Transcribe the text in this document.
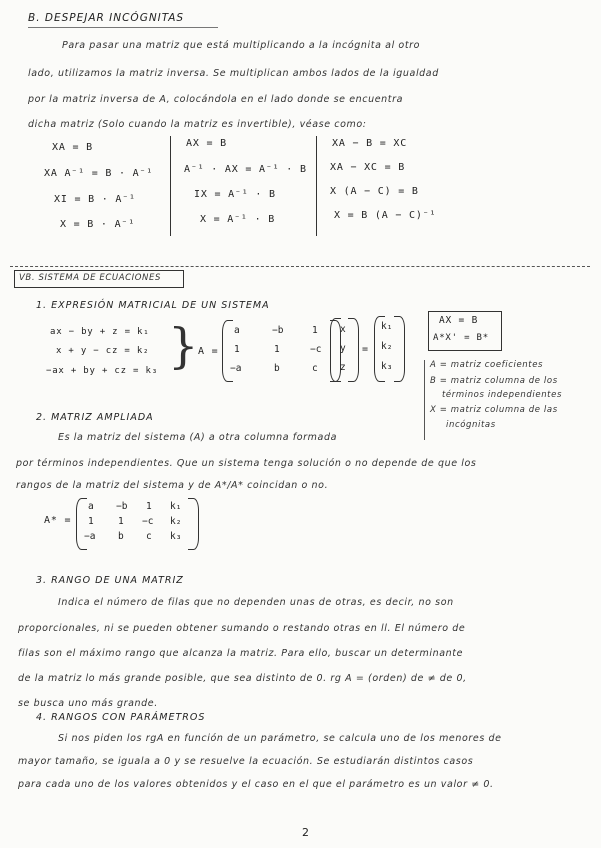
B. DESPEJAR INCÓGNITAS
Para pasar una matriz que está multiplicando a la incógnita al otro
lado, utilizamos la matriz inversa. Se multiplican ambos lados de la igualdad
por la matriz inversa de A, colocándola en el lado donde se encuentra
dicha matriz (Solo cuando la matriz es invertible), véase como:
XA = B
XA A⁻¹ = B · A⁻¹
XI = B · A⁻¹
X = B · A⁻¹
AX = B
A⁻¹ · AX = A⁻¹ · B
IX = A⁻¹ · B
X = A⁻¹ · B
XA − B = XC
XA − XC = B
X (A − C) = B
X = B (A − C)⁻¹
VB. SISTEMA DE ECUACIONES
1. EXPRESIÓN MATRICIAL DE UN SISTEMA
ax − by + z = k₁
x + y − cz = k₂
−ax + by + cz = k₃ } A =
a	−b	1
1	1	−c
−a	b	c
x
y
z
=
k₁
k₂
k₃
AX = B
A*X' = B*
A = matriz coeficientes
B = matriz columna de los
términos independientes
X = matriz columna de las
incógnitas
2. MATRIZ AMPLIADA
Es la matriz del sistema (A) a otra columna formada
por términos independientes. Que un sistema tenga solución o no depende de que los
rangos de la matriz del sistema y de A*/A* coincidan o no.
A* =
a −b 1 k₁
1	1 −c k₂
−a b c k₃
3. RANGO DE UNA MATRIZ
Indica el número de filas que no dependen unas de otras, es decir, no son
proporcionales, ni se pueden obtener sumando o restando otras en ll. El número de
filas son el máximo rango que alcanza la matriz. Para ello, buscar un determinante
de la matriz lo más grande posible, que sea distinto de 0. rg A = (orden) de ≠ de 0,
se busca uno más grande.
4. RANGOS CON PARÁMETROS
Si nos piden los rgA en función de un parámetro, se calcula uno de los menores de
mayor tamaño, se iguala a 0 y se resuelve la ecuación. Se estudiarán distintos casos
para cada uno de los valores obtenidos y el caso en el que el parámetro es un valor ≠ 0.
2
